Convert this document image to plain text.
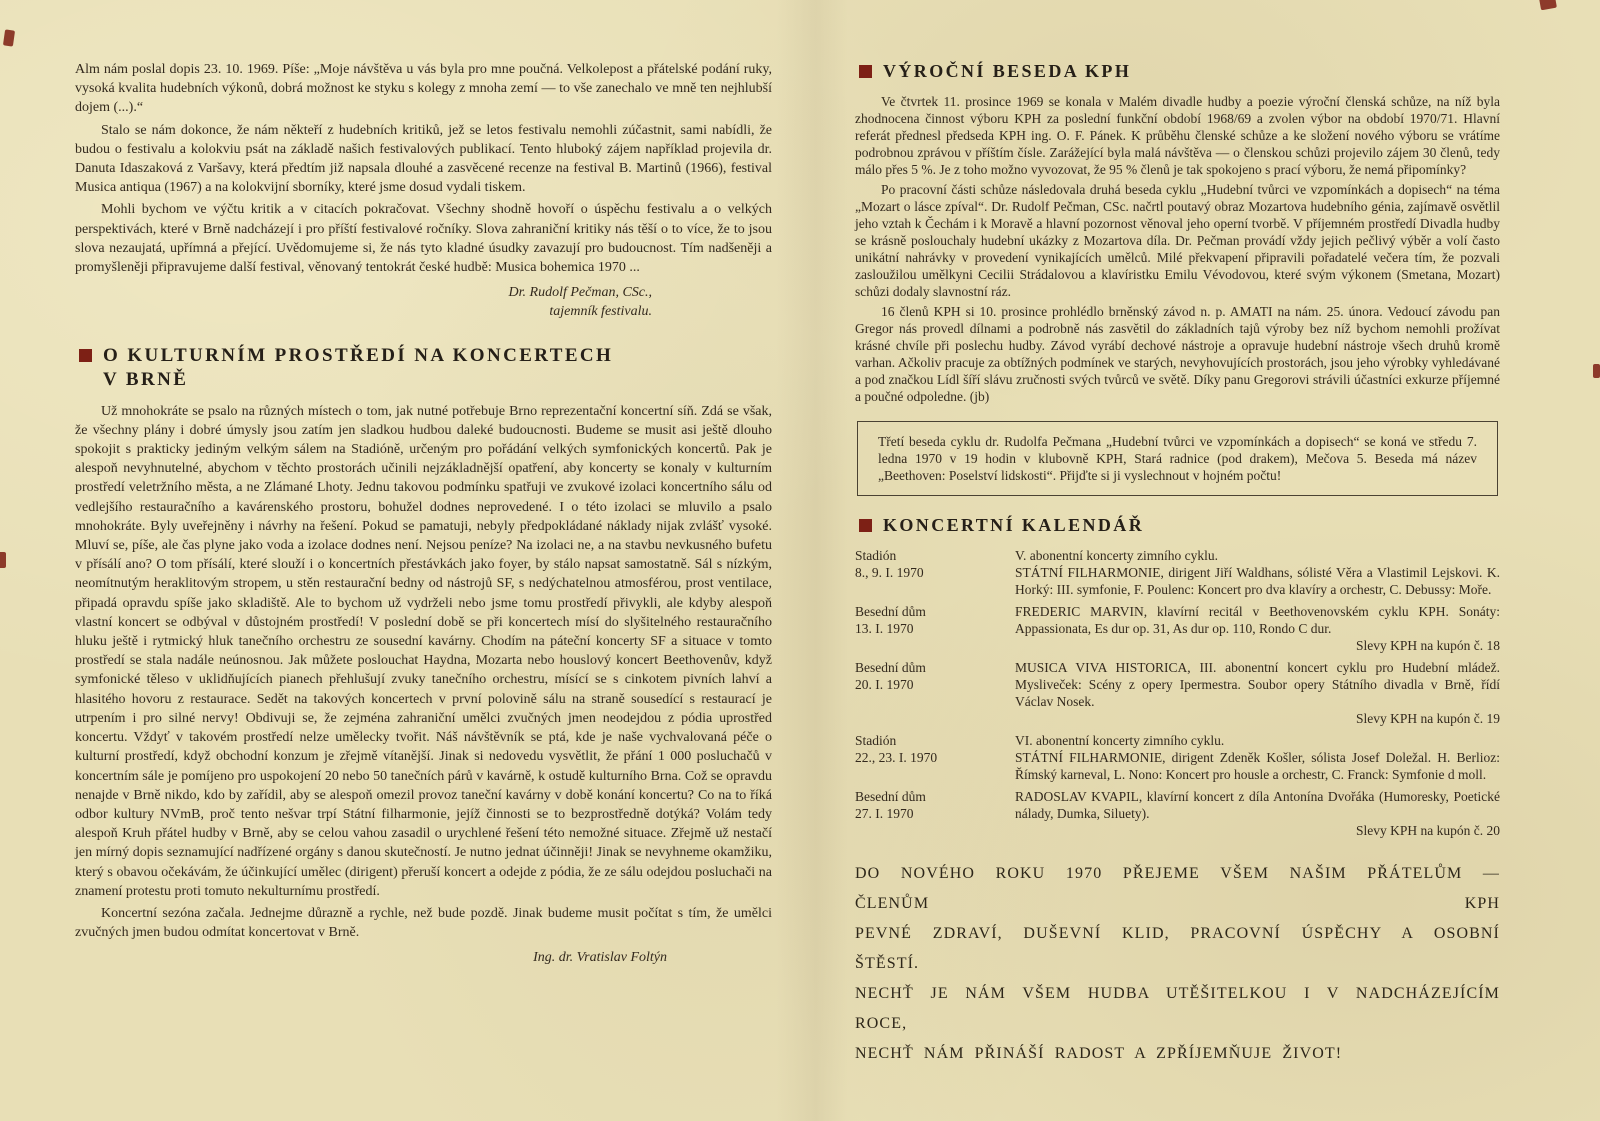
Alm nám poslal dopis 23. 10. 1969. Píše: „Moje návštěva u vás byla pro mne poučná. Velkolepost a přátelské podání ruky, vysoká kvalita hudebních výkonů, dobrá možnost ke styku s kolegy z mnoha zemí — to vše zanechalo ve mně ten nejhlubší dojem (...).“

Stalo se nám dokonce, že nám někteří z hudebních kritiků, jež se letos festivalu nemohli zúčastnit, sami nabídli, že budou o festivalu a kolokviu psát na základě našich festivalových publikací. Tento hluboký zájem například projevila dr. Danuta Idaszaková z Varšavy, která předtím již napsala dlouhé a zasvěcené recenze na festival B. Martinů (1966), festival Musica antiqua (1967) a na kolokvijní sborníky, které jsme dosud vydali tiskem.

Mohli bychom ve výčtu kritik a v citacích pokračovat. Všechny shodně hovoří o úspěchu festivalu a o velkých perspektivách, které v Brně nadcházejí i pro příští festivalové ročníky. Slova zahraniční kritiky nás těší o to více, že to jsou slova nezaujatá, upřímná a přející. Uvědomujeme si, že nás tyto kladné úsudky zavazují pro budoucnost. Tím nadšeněji a promyšleněji připravujeme další festival, věnovaný tentokrát české hudbě: Musica bohemica 1970 ...

Dr. Rudolf Pečman, CSc.,
tajemník festivalu.
O KULTURNÍM PROSTŘEDÍ NA KONCERTECH
V BRNĚ

Už mnohokráte se psalo na různých místech o tom, jak nutné potřebuje Brno reprezentační koncertní síň. Zdá se však, že všechny plány i dobré úmysly jsou zatím jen sladkou hudbou daleké budoucnosti. Budeme se musit asi ještě dlouho spokojit s prakticky jediným velkým sálem na Stadióně, určeným pro pořádání velkých symfonických koncertů. Pak je alespoň nevyhnutelné, abychom v těchto prostorách učinili nejzákladnější opatření, aby koncerty se konaly v kulturním prostředí veletržního města, a ne Zlámané Lhoty. Jednu takovou podmínku spatřuji ve zvukové izolaci koncertního sálu od vedlejšího restauračního a kavárenského prostoru, bohužel dodnes neprovedené. I o této izolaci se mluvilo a psalo mnohokráte. Byly uveřejněny i návrhy na řešení. Pokud se pamatuji, nebyly předpokládané náklady nijak zvlášť vysoké. Mluví se, píše, ale čas plyne jako voda a izolace dodnes není. Nejsou peníze? Na izolaci ne, a na stavbu nevkusného bufetu v přísálí ano? O tom přísálí, které slouží i o koncertních přestávkách jako foyer, by stálo napsat samostatně. Sál s nízkým, neomítnutým heraklitovým stropem, u stěn restaurační bedny od nástrojů SF, s nedýchatelnou atmosférou, prost ventilace, připadá opravdu spíše jako skladiště. Ale to bychom už vydrželi nebo jsme tomu prostředí přivykli, ale kdyby alespoň vlastní koncert se odbýval v důstojném prostředí! V poslední době se při koncertech mísí do slyšitelného restauračního hluku ještě i rytmický hluk tanečního orchestru ze sousední kavárny. Chodím na páteční koncerty SF a situace v tomto prostředí se stala nadále neúnosnou. Jak můžete poslouchat Haydna, Mozarta nebo houslový koncert Beethovenův, když symfonické těleso v uklidňujících pianech přehlušují zvuky tanečního orchestru, mísící se s cinkotem pivních lahví a hlasitého hovoru z restaurace. Sedět na takových koncertech v první polovině sálu na straně sousedící s restaurací je utrpením i pro silné nervy! Obdivuji se, že zejména zahraniční umělci zvučných jmen neodejdou z pódia uprostřed koncertu. Vždyť v takovém prostředí nelze umělecky tvořit. Náš návštěvník se ptá, kde je naše vychvalovaná péče o kulturní prostředí, když obchodní konzum je zřejmě vítanější. Jinak si nedovedu vysvětlit, že přání 1 000 posluchačů v koncertním sále je pomíjeno pro uspokojení 20 nebo 50 tanečních párů v kavárně, k ostudě kulturního Brna. Což se opravdu nenajde v Brně nikdo, kdo by zařídil, aby se alespoň omezil provoz taneční kavárny v době konání koncertu? Co na to říká odbor kultury NVmB, proč tento nešvar trpí Státní filharmonie, jejíž činnosti se to bezprostředně dotýká? Volám tedy alespoň Kruh přátel hudby v Brně, aby se celou vahou zasadil o urychlené řešení této nemožné situace. Zřejmě už nestačí jen mírný dopis seznamující nadřízené orgány s danou skutečností. Je nutno jednat účinněji! Jinak se nevyhneme okamžiku, který s obavou očekávám, že účinkující umělec (dirigent) přeruší koncert a odejde z pódia, že ze sálu odejdou posluchači na znamení protestu proti tomuto nekulturnímu prostředí.

Koncertní sezóna začala. Jednejme důrazně a rychle, než bude pozdě. Jinak budeme musit počítat s tím, že umělci zvučných jmen budou odmítat koncertovat v Brně.

Ing. dr. Vratislav Foltýn
VÝROČNÍ BESEDA KPH

Ve čtvrtek 11. prosince 1969 se konala v Malém divadle hudby a poezie výroční členská schůze, na níž byla zhodnocena činnost výboru KPH za poslední funkční období 1968/69 a zvolen výbor na období 1970/71. Hlavní referát přednesl předseda KPH ing. O. F. Pánek. K průběhu členské schůze a ke složení nového výboru se vrátíme podrobnou zprávou v příštím čísle. Zarážející byla malá návštěva — o členskou schůzi projevilo zájem 30 členů, tedy málo přes 5 %. Je z toho možno vyvozovat, že 95 % členů je tak spokojeno s prací výboru, že nemá připomínky?

Po pracovní části schůze následovala druhá beseda cyklu „Hudební tvůrci ve vzpomínkách a dopisech“ na téma „Mozart o lásce zpíval“. Dr. Rudolf Pečman, CSc. načrtl poutavý obraz Mozartova hudebního génia, zajímavě osvětlil jeho vztah k Čechám i k Moravě a hlavní pozornost věnoval jeho operní tvorbě. V příjemném prostředí Divadla hudby se krásně poslouchaly hudební ukázky z Mozartova díla. Dr. Pečman provádí vždy jejich pečlivý výběr a volí často unikátní nahrávky v provedení vynikajících umělců. Milé překvapení připravili pořadatelé večera tím, že pozvali zasloužilou umělkyni Cecilii Strádalovou a klavíristku Emilu Vévodovou, které svým výkonem (Smetana, Mozart) schůzi dodaly slavnostní ráz.

16 členů KPH si 10. prosince prohlédlo brněnský závod n. p. AMATI na nám. 25. února. Vedoucí závodu pan Gregor nás provedl dílnami a podrobně nás zasvětil do základních tajů výroby bez níž bychom nemohli prožívat krásné chvíle při poslechu hudby. Závod vyrábí dechové nástroje a opravuje hudební nástroje všech druhů kromě varhan. Ačkoliv pracuje za obtížných podmínek ve starých, nevyhovujících prostorách, jsou jeho výrobky vyhledávané a pod značkou Lídl šíří slávu zručnosti svých tvůrců ve světě. Díky panu Gregorovi strávili účastníci exkurze příjemné a poučné odpoledne. (jb)

Třetí beseda cyklu dr. Rudolfa Pečmana „Hudební tvůrci ve vzpomínkách a dopisech“ se koná ve středu 7. ledna 1970 v 19 hodin v klubovně KPH, Stará radnice (pod drakem), Mečova 5. Beseda má název „Beethoven: Poselství lidskosti“. Přijďte si ji vyslechnout v hojném počtu!

KONCERTNÍ KALENDÁŘ
Stadión
8., 9. I. 1970
V. abonentní koncerty zimního cyklu.
STÁTNÍ FILHARMONIE, dirigent Jiří Waldhans, sólisté Věra a Vlastimil Lejskovi. K. Horký: III. symfonie, F. Poulenc: Koncert pro dva klavíry a orchestr, C. Debussy: Moře.
Besední dům
13. I. 1970
FREDERIC MARVIN, klavírní recitál v Beethovenovském cyklu KPH. Sonáty: Appassionata, Es dur op. 31, As dur op. 110, Rondo C dur.
Slevy KPH na kupón č. 18
Besední dům
20. I. 1970
MUSICA VIVA HISTORICA, III. abonentní koncert cyklu pro Hudební mládež. Mysliveček: Scény z opery Ipermestra. Soubor opery Státního divadla v Brně, řídí Václav Nosek.
Slevy KPH na kupón č. 19
Stadión
22., 23. I. 1970
VI. abonentní koncerty zimního cyklu.
STÁTNÍ FILHARMONIE, dirigent Zdeněk Košler, sólista Josef Doležal. H. Berlioz: Římský karneval, L. Nono: Koncert pro housle a orchestr, C. Franck: Symfonie d moll.
Besední dům
27. I. 1970
RADOSLAV KVAPIL, klavírní koncert z díla Antonína Dvořáka (Humoresky, Poetické nálady, Dumka, Siluety).
Slevy KPH na kupón č. 20
DO NOVÉHO ROKU 1970 PŘEJEME VŠEM NAŠIM PŘÁTELŮM — ČLENŮM KPH
PEVNÉ ZDRAVÍ, DUŠEVNÍ KLID, PRACOVNÍ ÚSPĚCHY A OSOBNÍ ŠTĚSTÍ.
NECHŤ JE NÁM VŠEM HUDBA UTĚŠITELKOU I V NADCHÁZEJÍCÍM ROCE,
NECHŤ NÁM PŘINÁŠÍ RADOST A ZPŘÍJEMŇUJE ŽIVOT!
